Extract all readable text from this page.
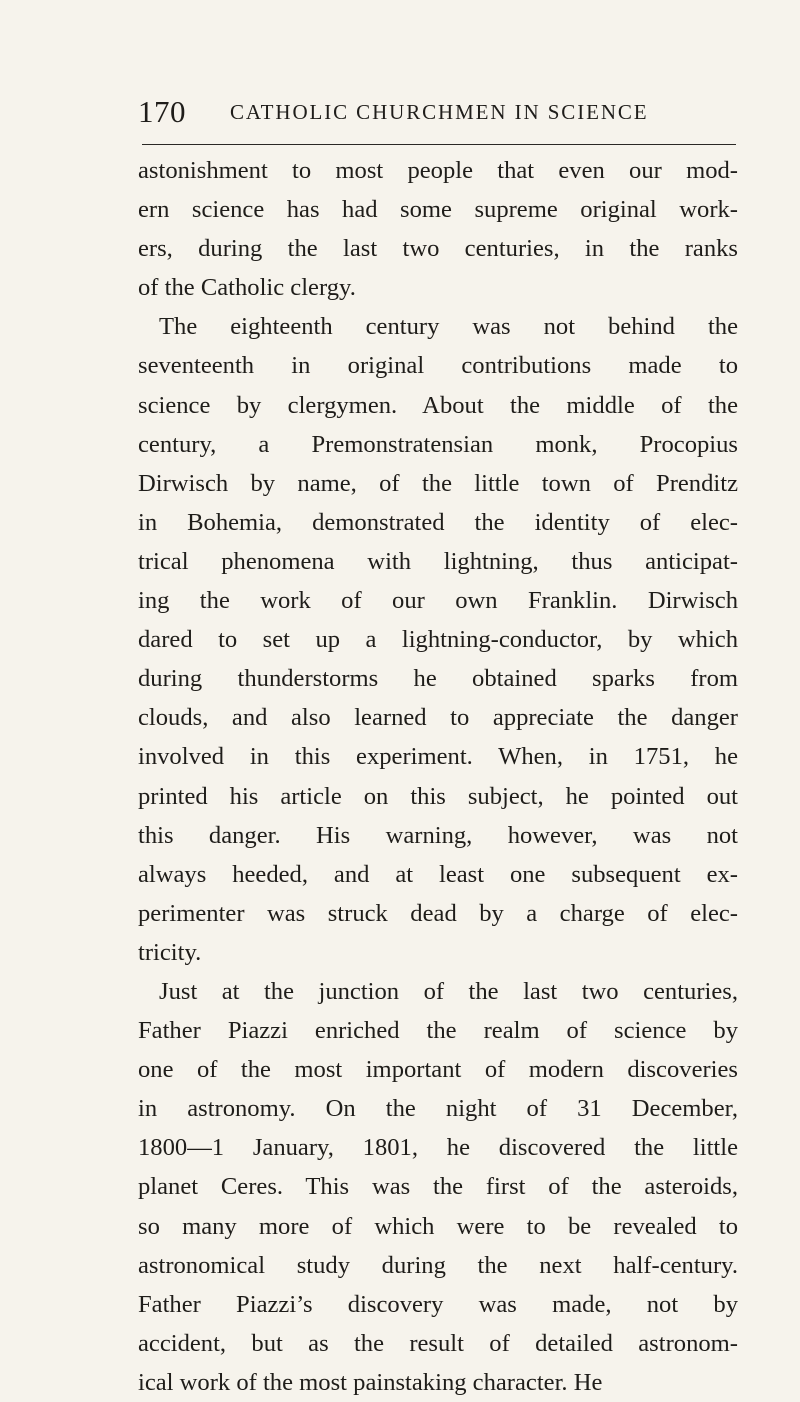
170 CATHOLIC CHURCHMEN IN SCIENCE
astonishment to most people that even our mod-
ern science has had some supreme original work-
ers, during the last two centuries, in the ranks
of the Catholic clergy.
The eighteenth century was not behind the
seventeenth in original contributions made to
science by clergymen. About the middle of the
century, a Premonstratensian monk, Procopius
Dirwisch by name, of the little town of Prenditz
in Bohemia, demonstrated the identity of elec-
trical phenomena with lightning, thus anticipat-
ing the work of our own Franklin. Dirwisch
dared to set up a lightning-conductor, by which
during thunderstorms he obtained sparks from
clouds, and also learned to appreciate the danger
involved in this experiment. When, in 1751, he
printed his article on this subject, he pointed out
this danger. His warning, however, was not
always heeded, and at least one subsequent ex-
perimenter was struck dead by a charge of elec-
tricity.
Just at the junction of the last two centuries,
Father Piazzi enriched the realm of science by
one of the most important of modern discoveries
in astronomy. On the night of 31 December,
1800—1 January, 1801, he discovered the little
planet Ceres. This was the first of the asteroids,
so many more of which were to be revealed to
astronomical study during the next half-century.
Father Piazzi’s discovery was made, not by
accident, but as the result of detailed astronom-
ical work of the most painstaking character. He
